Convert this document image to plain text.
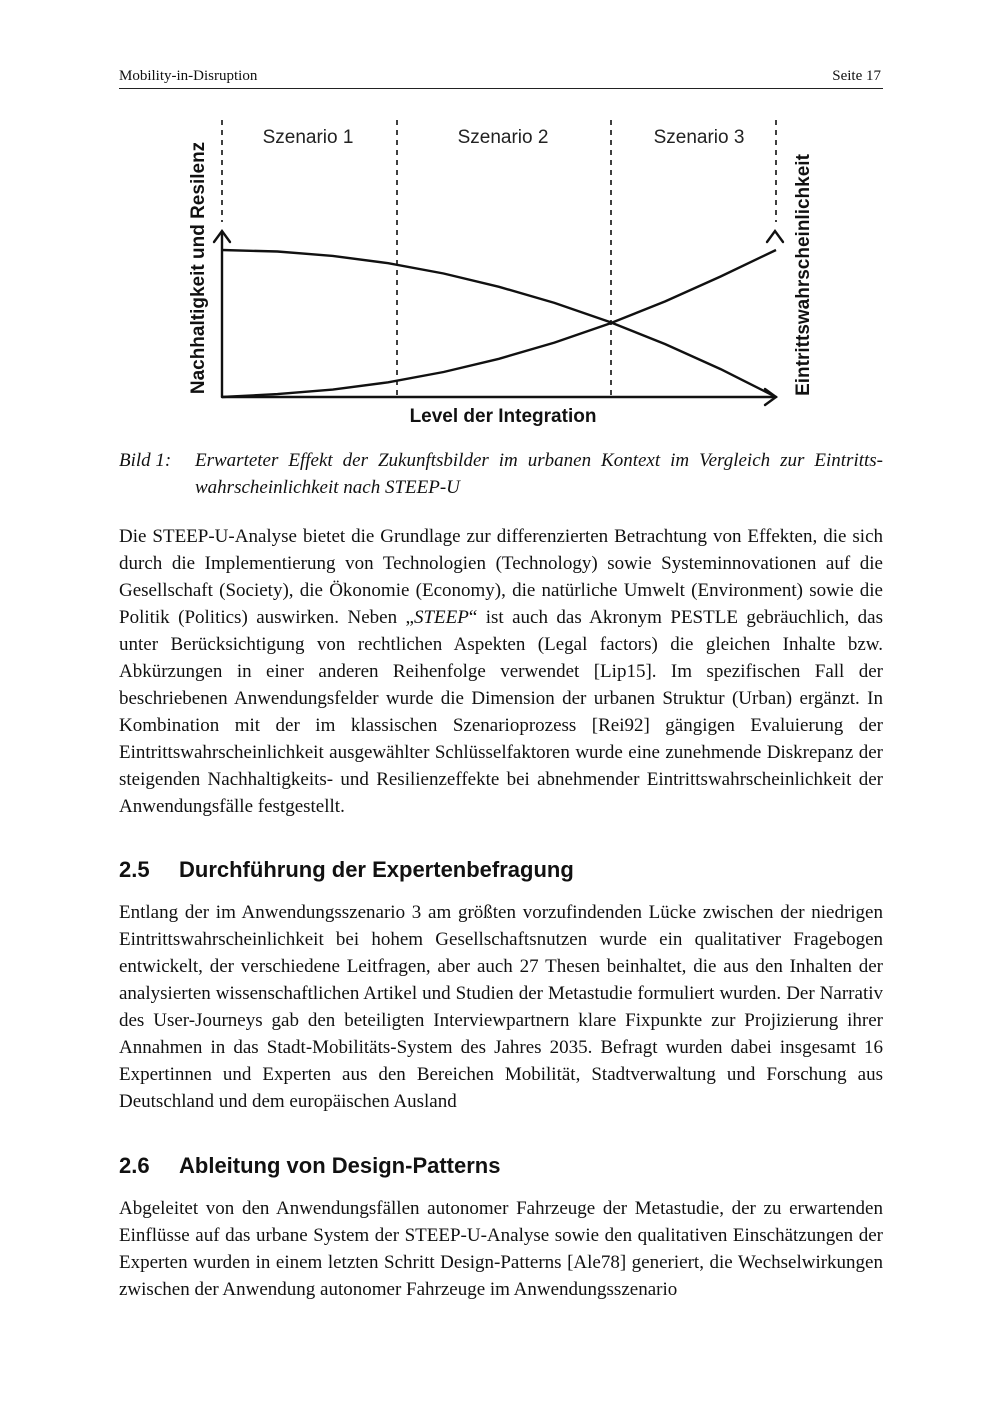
Mobility-in-Disruption	Seite 17
Szenario 1	Szenario 2	Szenario 3
Level der Integration
Nachhaltigkeit und Resilenz	Eintrittswahrscheinlichkeit
Bild 1: Erwarteter Effekt der Zukunftsbilder im urbanen Kontext im Vergleich zur Eintrittswahrscheinlichkeit nach STEEP-U
Die STEEP-U-Analyse bietet die Grundlage zur differenzierten Betrachtung von Effekten, die sich durch die Implementierung von Technologien (Technology) sowie Systeminnovationen auf die Gesellschaft (Society), die Ökonomie (Economy), die natürliche Umwelt (Environment) sowie die Politik (Politics) auswirken. Neben „STEEP“ ist auch das Akronym PESTLE gebräuchlich, das unter Berücksichtigung von rechtlichen Aspekten (Legal factors) die gleichen Inhalte bzw. Abkürzungen in einer anderen Reihenfolge verwendet [Lip15]. Im spezifischen Fall der beschriebenen Anwendungsfelder wurde die Dimension der urbanen Struktur (Urban) ergänzt. In Kombination mit der im klassischen Szenarioprozess [Rei92] gängigen Evaluierung der Eintrittswahrscheinlichkeit ausgewählter Schlüsselfaktoren wurde eine zunehmende Diskrepanz der steigenden Nachhaltigkeits- und Resilienzeffekte bei abnehmender Eintrittswahrscheinlichkeit der Anwendungsfälle festgestellt.
2.5 Durchführung der Expertenbefragung
Entlang der im Anwendungsszenario 3 am größten vorzufindenden Lücke zwischen der niedrigen Eintrittswahrscheinlichkeit bei hohem Gesellschaftsnutzen wurde ein qualitativer Fragebogen entwickelt, der verschiedene Leitfragen, aber auch 27 Thesen beinhaltet, die aus den Inhalten der analysierten wissenschaftlichen Artikel und Studien der Metastudie formuliert wurden. Der Narrativ des User-Journeys gab den beteiligten Interviewpartnern klare Fixpunkte zur Projizierung ihrer Annahmen in das Stadt-Mobilitäts-System des Jahres 2035. Befragt wurden dabei insgesamt 16 Expertinnen und Experten aus den Bereichen Mobilität, Stadtverwaltung und Forschung aus Deutschland und dem europäischen Ausland
2.6 Ableitung von Design-Patterns
Abgeleitet von den Anwendungsfällen autonomer Fahrzeuge der Metastudie, der zu erwartenden Einflüsse auf das urbane System der STEEP-U-Analyse sowie den qualitativen Einschätzungen der Experten wurden in einem letzten Schritt Design-Patterns [Ale78] generiert, die Wechselwirkungen zwischen der Anwendung autonomer Fahrzeuge im Anwendungsszenario
